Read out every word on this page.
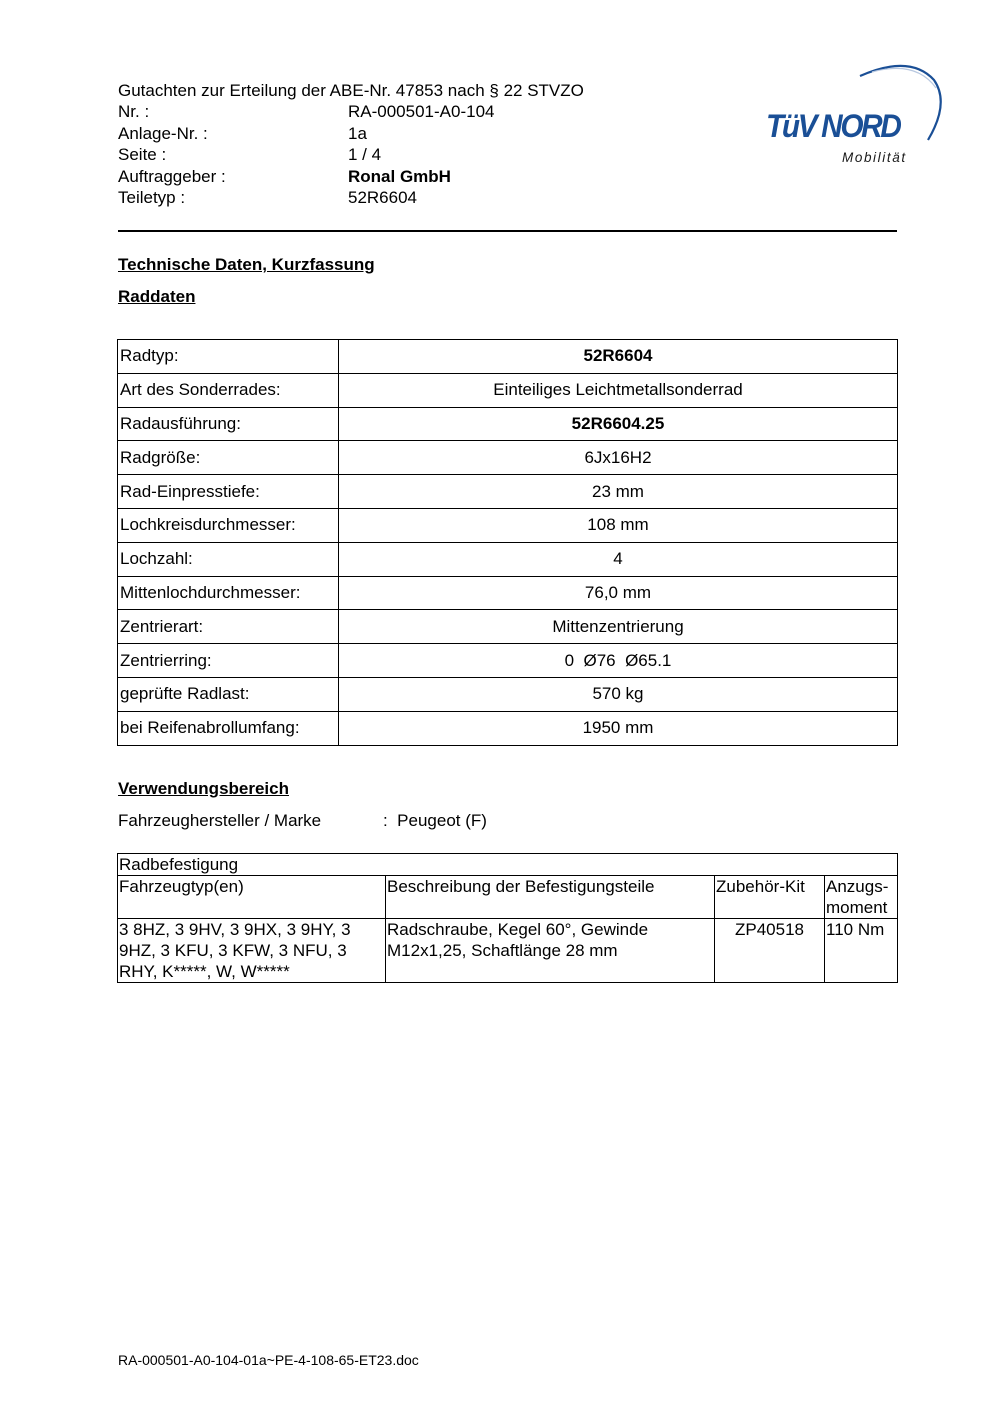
Gutachten zur Erteilung der ABE-Nr. 47853 nach § 22 STVZO
Nr. :	RA-000501-A0-104
Anlage-Nr. :	1a
Seite :	1 / 4
Auftraggeber :	Ronal GmbH
Teiletyp :	52R6604
TüV NORD
Mobilität
Technische Daten, Kurzfassung
Raddaten
Radtyp:	52R6604
Art des Sonderrades:	Einteiliges Leichtmetallsonderrad
Radausführung:	52R6604.25
Radgröße:	6Jx16H2
Rad-Einpresstiefe:	23 mm
Lochkreisdurchmesser:	108 mm
Lochzahl:	4
Mittenlochdurchmesser:	76,0 mm
Zentrierart:	Mittenzentrierung
Zentrierring:	0  Ø76  Ø65.1
geprüfte Radlast:	570 kg
bei Reifenabrollumfang:	1950 mm
Verwendungsbereich
Fahrzeughersteller / Marke	:  Peugeot (F)
Radbefestigung			
Fahrzeugtyp(en)	Beschreibung der Befestigungsteile	Zubehör-Kit	Anzugs-moment
3 8HZ, 3 9HV, 3 9HX, 3 9HY, 3 9HZ, 3 KFU, 3 KFW, 3 NFU, 3 RHY, K*****, W, W*****	Radschraube, Kegel 60°, Gewinde M12x1,25, Schaftlänge 28 mm	ZP40518	110 Nm
RA-000501-A0-104-01a~PE-4-108-65-ET23.doc
